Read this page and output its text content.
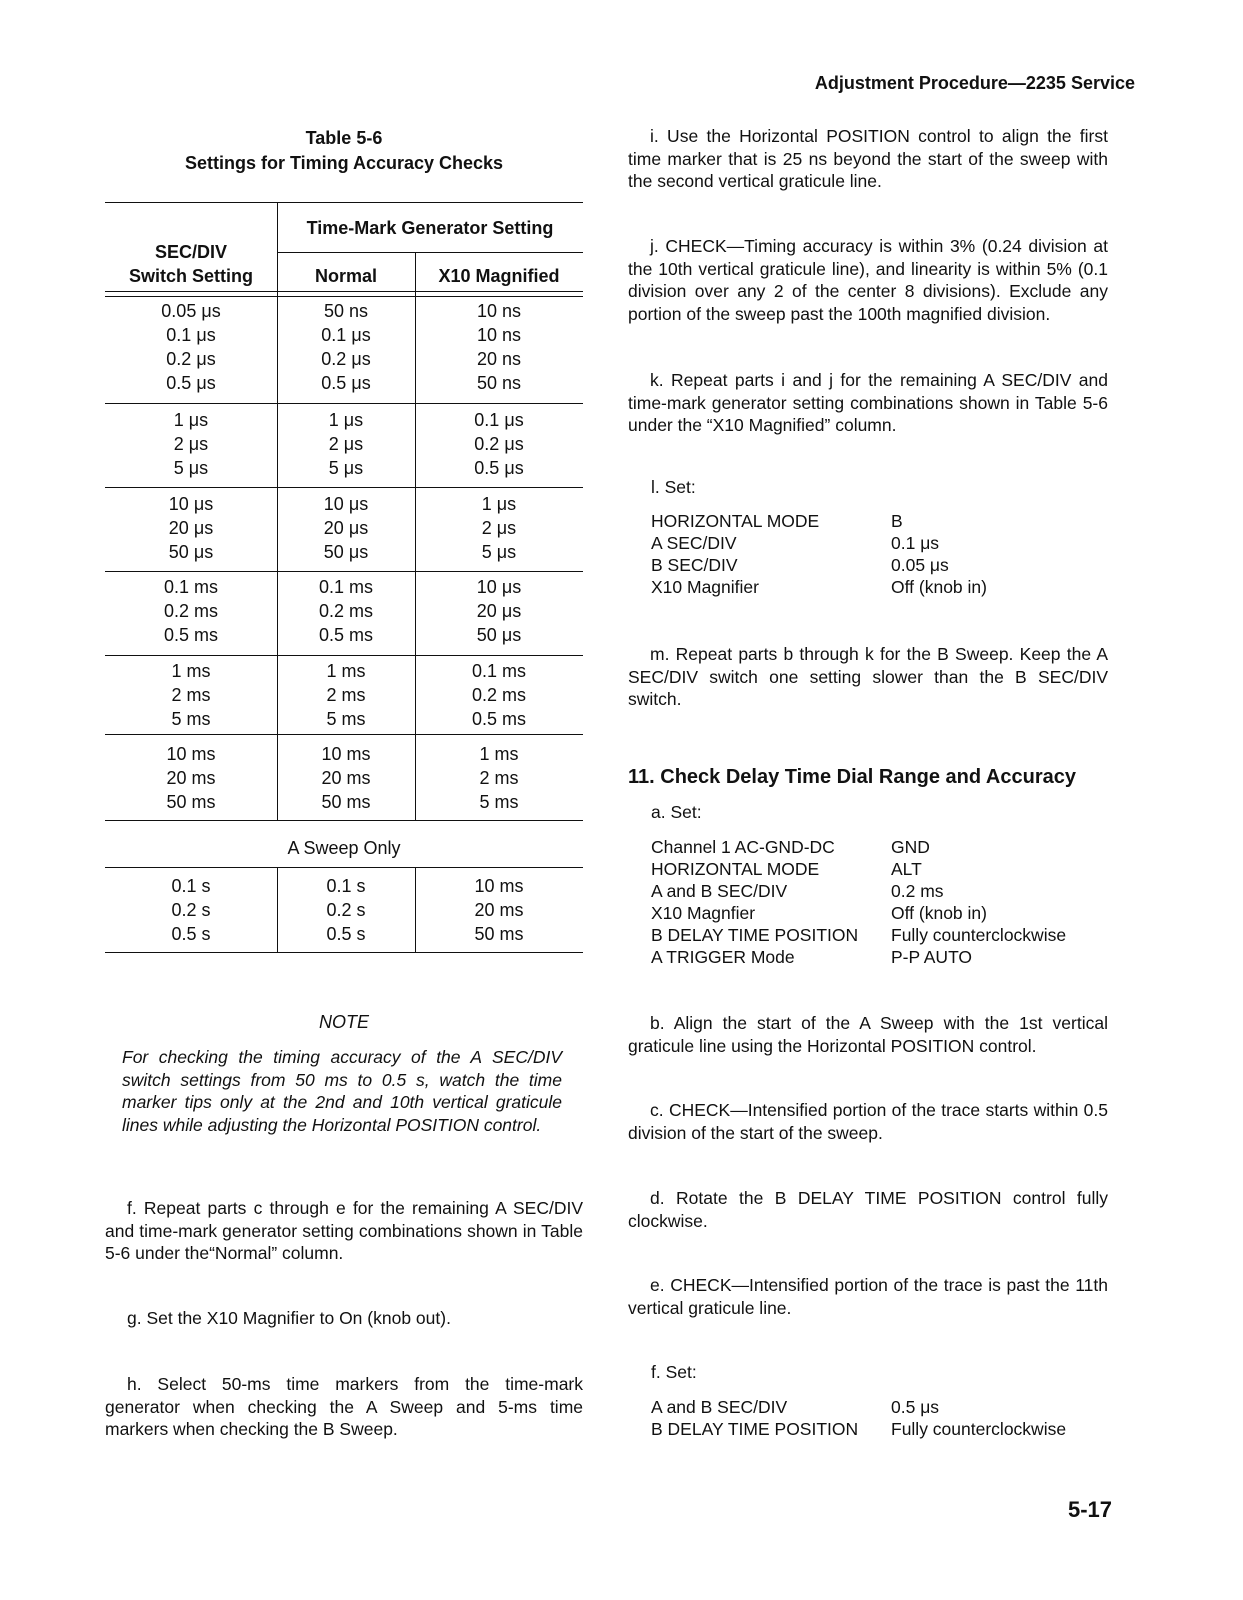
Adjustment Procedure—2235 Service
Table 5-6
Settings for Timing Accuracy Checks
Time-Mark Generator Setting
SEC/DIV
Switch Setting	Normal	X10 Magnified
0.05 μs	50 ns	10 ns
0.1 μs	0.1 μs	10 ns
0.2 μs	0.2 μs	20 ns
0.5 μs	0.5 μs	50 ns
1 μs	1 μs	0.1 μs
2 μs	2 μs	0.2 μs
5 μs	5 μs	0.5 μs
10 μs	10 μs	1 μs
20 μs	20 μs	2 μs
50 μs	50 μs	5 μs
0.1 ms	0.1 ms	10 μs
0.2 ms	0.2 ms	20 μs
0.5 ms	0.5 ms	50 μs
1 ms	1 ms	0.1 ms
2 ms	2 ms	0.2 ms
5 ms	5 ms	0.5 ms
10 ms	10 ms	1 ms
20 ms	20 ms	2 ms
50 ms	50 ms	5 ms
A Sweep Only
0.1 s	0.1 s	10 ms
0.2 s	0.2 s	20 ms
0.5 s	0.5 s	50 ms
NOTE
For checking the timing accuracy of the A SEC/DIV switch settings from 50 ms to 0.5 s, watch the time marker tips only at the 2nd and 10th vertical graticule lines while adjusting the Horizontal POSITION control.
f. Repeat parts c through e for the remaining A SEC/DIV and time-mark generator setting combinations shown in Table 5-6 under the“Normal” column.
g. Set the X10 Magnifier to On (knob out).
h. Select 50-ms time markers from the time-mark generator when checking the A Sweep and 5-ms time markers when checking the B Sweep.
i. Use the Horizontal POSITION control to align the first time marker that is 25 ns beyond the start of the sweep with the second vertical graticule line.
j. CHECK—Timing accuracy is within 3% (0.24 division at the 10th vertical graticule line), and linearity is within 5% (0.1 division over any 2 of the center 8 divisions). Exclude any portion of the sweep past the 100th magnified division.
k. Repeat parts i and j for the remaining A SEC/DIV and time-mark generator setting combinations shown in Table 5-6 under the “X10 Magnified” column.
l. Set:
HORIZONTAL MODE	B
A SEC/DIV	0.1 μs
B SEC/DIV	0.05 μs
X10 Magnifier	Off (knob in)
m. Repeat parts b through k for the B Sweep. Keep the A SEC/DIV switch one setting slower than the B SEC/DIV switch.
11. Check Delay Time Dial Range and Accuracy
a. Set:
Channel 1 AC-GND-DC	GND
HORIZONTAL MODE	ALT
A and B SEC/DIV	0.2 ms
X10 Magnfier	Off (knob in)
B DELAY TIME POSITION	Fully counterclockwise
A TRIGGER Mode	P-P AUTO
b. Align the start of the A Sweep with the 1st vertical graticule line using the Horizontal POSITION control.
c. CHECK—Intensified portion of the trace starts within 0.5 division of the start of the sweep.
d. Rotate the B DELAY TIME POSITION control fully clockwise.
e. CHECK—Intensified portion of the trace is past the 11th vertical graticule line.
f. Set:
A and B SEC/DIV	0.5 μs
B DELAY TIME POSITION	Fully counterclockwise
5-17
